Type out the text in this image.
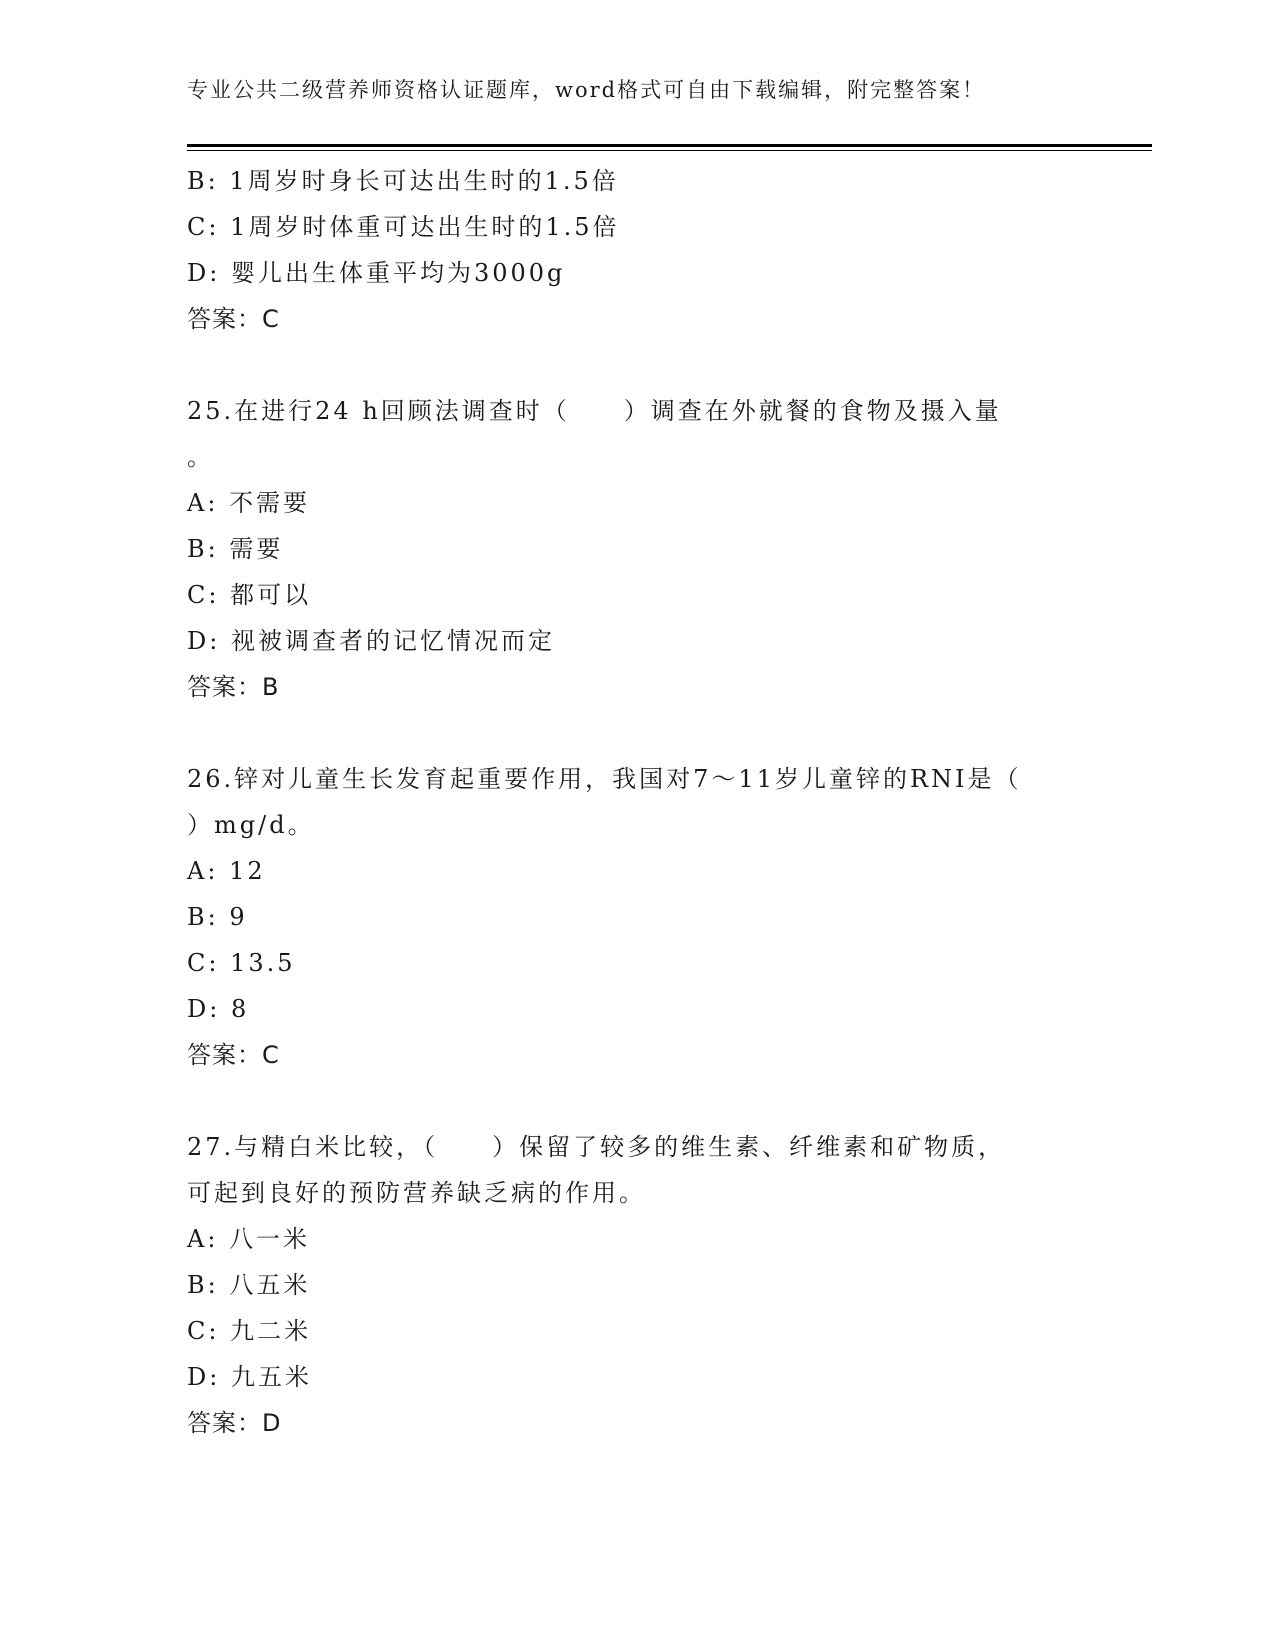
专业公共二级营养师资格认证题库，word格式可自由下载编辑，附完整答案！
B: 1周岁时身长可达出生时的1.5倍
C: 1周岁时体重可达出生时的1.5倍
D: 婴儿出生体重平均为3000g
答案：C
25.在进行24 h回顾法调查时（　　）调查在外就餐的食物及摄入量
。
A: 不需要
B: 需要
C: 都可以
D: 视被调查者的记忆情况而定
答案：B
26.锌对儿童生长发育起重要作用，我国对7～11岁儿童锌的RNI是（
）mg/d。
A: 12
B: 9
C: 13.5
D: 8
答案：C
27.与精白米比较，（　　）保留了较多的维生素、纤维素和矿物质，
可起到良好的预防营养缺乏病的作用。
A: 八一米
B: 八五米
C: 九二米
D: 九五米
答案：D
